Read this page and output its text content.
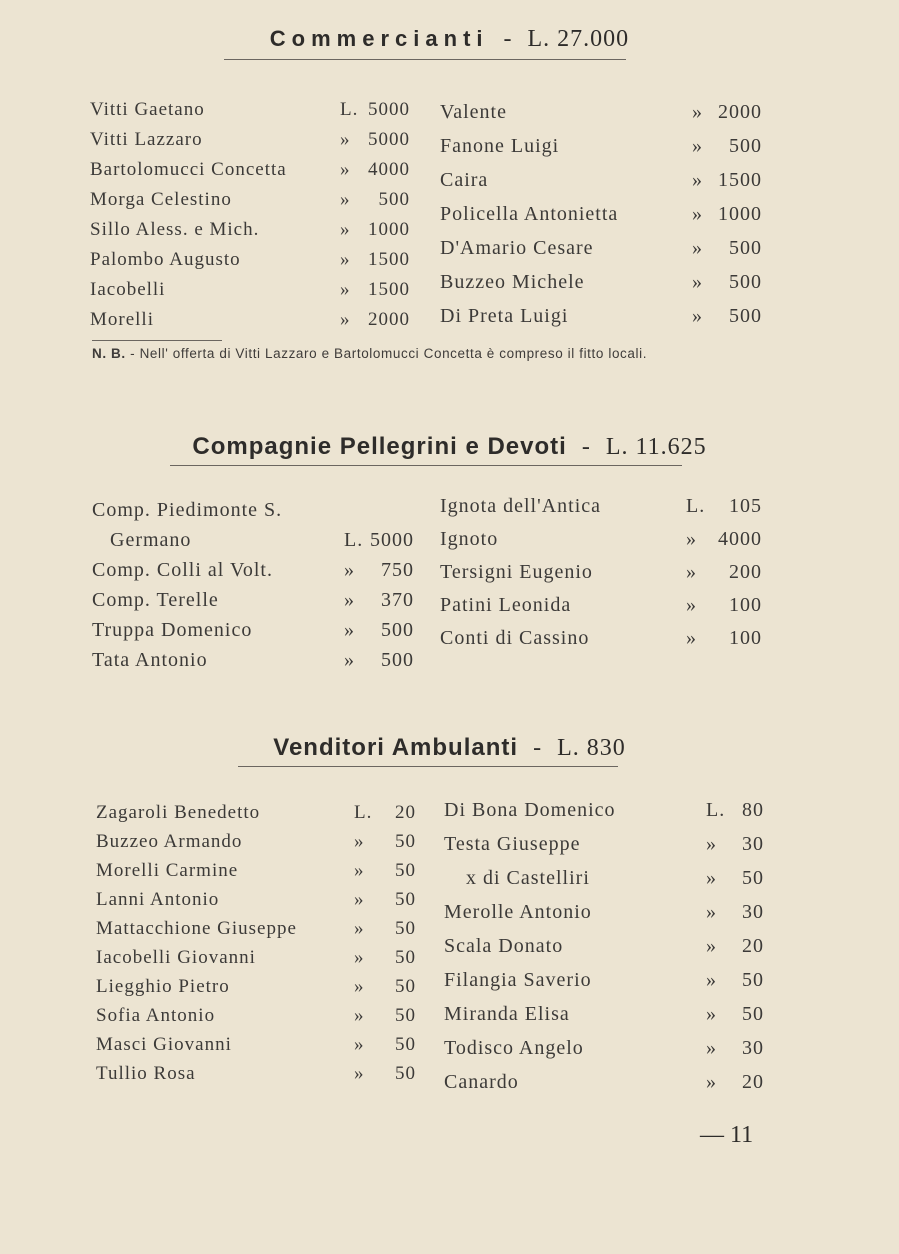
Commercianti - L. 27.000
Vitti Gaetano	L. 5000
Vitti Lazzaro	» 5000
Bartolomucci Concetta	» 4000
Morga Celestino	» 500
Sillo Aless. e Mich.	» 1000
Palombo Augusto	» 1500
Iacobelli	» 1500
Morelli	» 2000
Valente	» 2000
Fanone Luigi	» 500
Caira	» 1500
Policella Antonietta	» 1000
D'Amario Cesare	» 500
Buzzeo Michele	» 500
Di Preta Luigi	» 500
N. B. - Nell' offerta di Vitti Lazzaro e Bartolomucci Concetta è compreso il fitto locali.
Compagnie Pellegrini e Devoti - L. 11.625
Comp. Piedimonte S.
Germano	L. 5000
Comp. Colli al Volt.	» 750
Comp. Terelle	» 370
Truppa Domenico	» 500
Tata Antonio	» 500
Ignota dell'Antica	L. 105
Ignoto	» 4000
Tersigni Eugenio	» 200
Patini Leonida	» 100
Conti di Cassino	» 100
Venditori Ambulanti - L. 830
Zagaroli Benedetto	L. 20
Buzzeo Armando	» 50
Morelli Carmine	» 50
Lanni Antonio	» 50
Mattacchione Giuseppe	» 50
Iacobelli Giovanni	» 50
Liegghio Pietro	» 50
Sofia Antonio	» 50
Masci Giovanni	» 50
Tullio Rosa	» 50
Di Bona Domenico	L. 80
Testa Giuseppe	» 30
x di Castelliri	» 50
Merolle Antonio	» 30
Scala Donato	» 20
Filangia Saverio	» 50
Miranda Elisa	» 50
Todisco Angelo	» 30
Canardo	» 20
— 11
